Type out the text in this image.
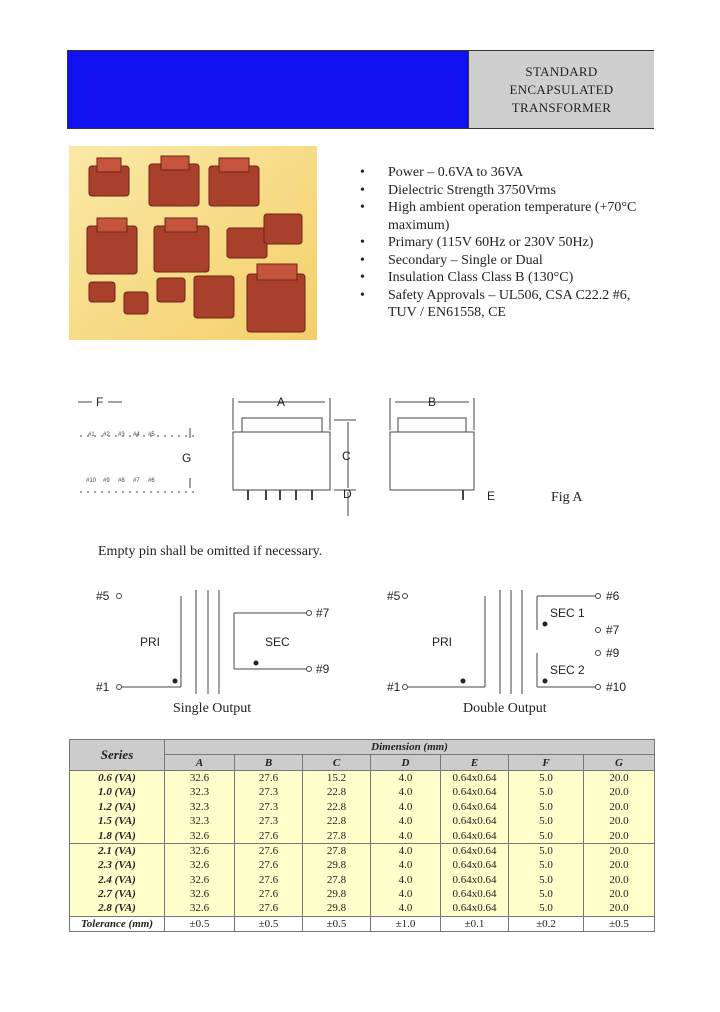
STANDARD
ENCAPSULATED
TRANSFORMER
• Power – 0.6VA to 36VA
• Dielectric Strength 3750Vrms
• High ambient operation temperature (+70°C maximum)
• Primary (115V 60Hz or 230V 50Hz)
• Secondary – Single or Dual
• Insulation Class Class B (130°C)
• Safety Approvals – UL506, CSA C22.2 #6, TUV / EN61558, CE
F
G
A
C
D
B
E
#1 #2 #3 #4 #5
#10 #9 #8 #7 #6
Fig A
Empty pin shall be omitted if necessary.
#5
#1
#7
#9
PRI	SEC
#5
#1
PRI
SEC 1
SEC 2
#6
#7
#9
#10
Single Output	Double Output
Series	Dimension (mm)						
	A	B	C	D	E	F	G
0.6 (VA)	32.6	27.6	15.2	4.0	0.64x0.64	5.0	20.0
1.0 (VA)	32.3	27.3	22.8	4.0	0.64x0.64	5.0	20.0
1.2 (VA)	32.3	27.3	22.8	4.0	0.64x0.64	5.0	20.0
1.5 (VA)	32.3	27.3	22.8	4.0	0.64x0.64	5.0	20.0
1.8 (VA)	32.6	27.6	27.8	4.0	0.64x0.64	5.0	20.0
2.1 (VA)	32.6	27.6	27.8	4.0	0.64x0.64	5.0	20.0
2.3 (VA)	32.6	27.6	29.8	4.0	0.64x0.64	5.0	20.0
2.4 (VA)	32.6	27.6	27.8	4.0	0.64x0.64	5.0	20.0
2.7 (VA)	32.6	27.6	29.8	4.0	0.64x0.64	5.0	20.0
2.8 (VA)	32.6	27.6	29.8	4.0	0.64x0.64	5.0	20.0
Tolerance (mm)	±0.5	±0.5	±0.5	±1.0	±0.1	±0.2	±0.5
